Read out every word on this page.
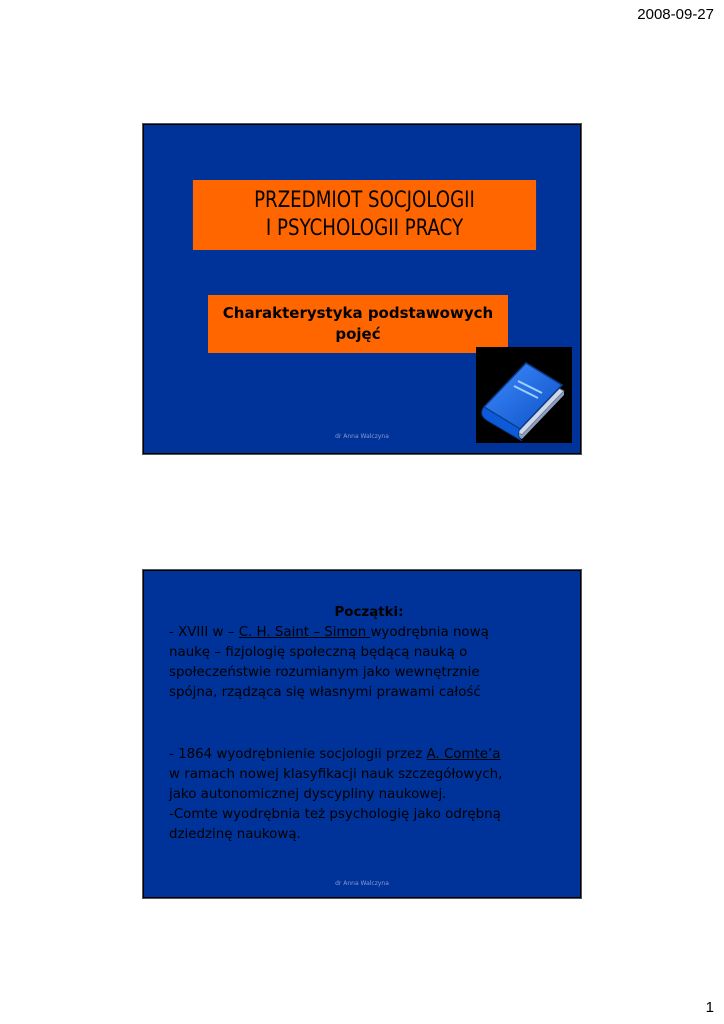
2008-09-27
PRZEDMIOT SOCJOLOGII
I PSYCHOLOGII PRACY
Charakterystyka podstawowych
pojęć
dr Anna Walczyna

Początki:

- XVIII w – C. H. Saint – Simon wyodrębnia nową

naukę – fizjologię społeczną będącą nauką o

społeczeństwie rozumianym jako wewnętrznie

spójna, rządząca się własnymi prawami całość

- 1864 wyodrębnienie socjologii przez A. Comte’a

w ramach nowej klasyfikacji nauk szczegółowych,

jako autonomicznej dyscypliny naukowej.

-Comte wyodrębnia też psychologię jako odrębną

dziedzinę naukową.

dr Anna Walczyna
1
